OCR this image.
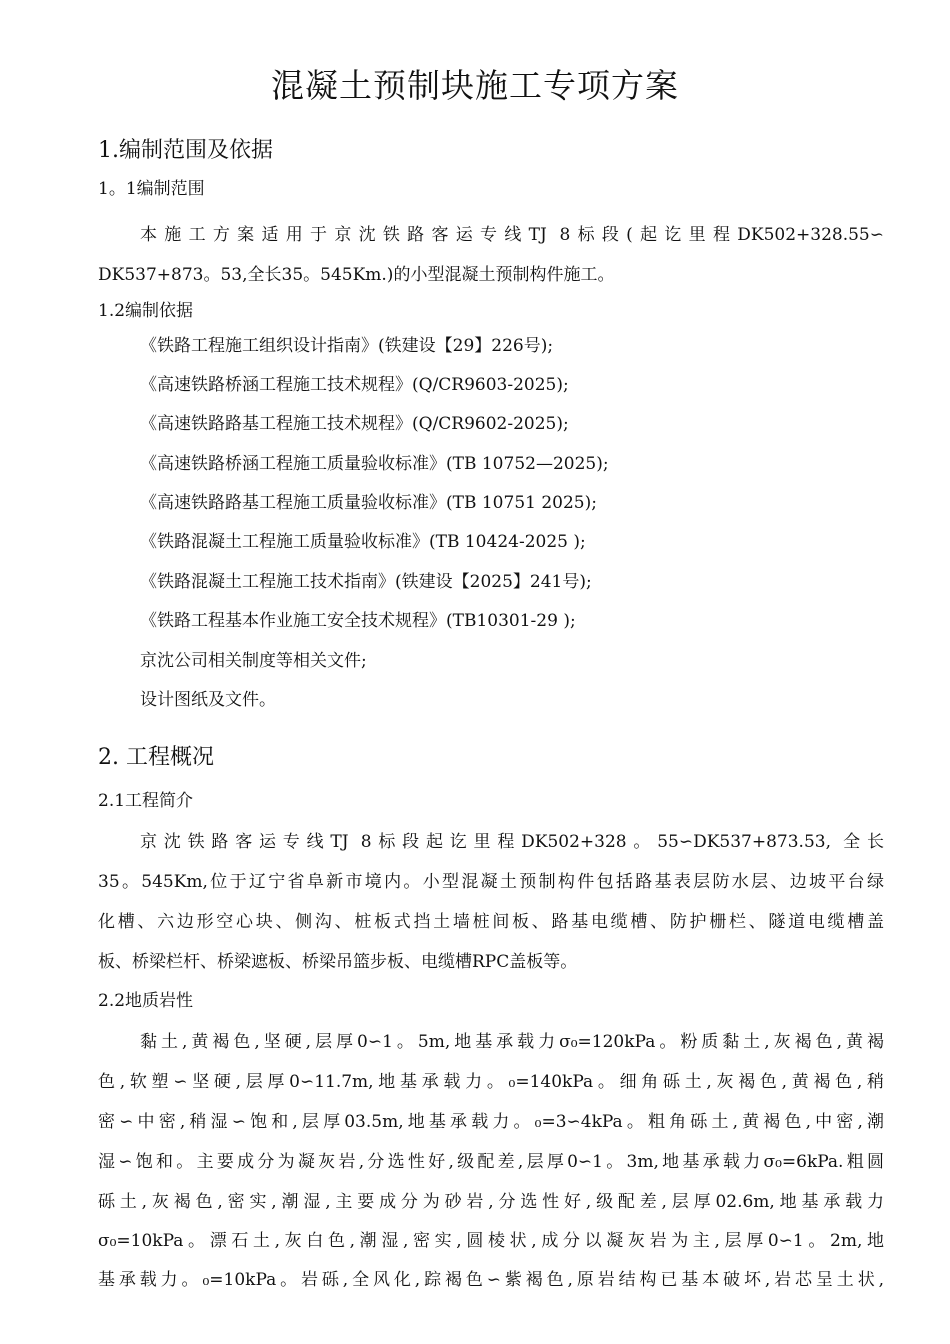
混凝土预制块施工专项方案
1.编制范围及依据
1。1编制范围
本施工方案适用于京沈铁路客运专线TJ 8标段(起讫里程DK502+328.55∽
DK537+873。53,全长35。545Km.)的小型混凝土预制构件施工。
1.2编制依据
《铁路工程施工组织设计指南》(铁建设【29】226号);
《高速铁路桥涵工程施工技术规程》(Q/CR9603-2025);
《高速铁路路基工程施工技术规程》(Q/CR9602-2025);
《高速铁路桥涵工程施工质量验收标准》(TB 10752—2025);
《高速铁路路基工程施工质量验收标准》(TB 10751 2025);
《铁路混凝土工程施工质量验收标准》(TB 10424-2025 );
《铁路混凝土工程施工技术指南》(铁建设【2025】241号);
《铁路工程基本作业施工安全技术规程》(TB10301-29 );
京沈公司相关制度等相关文件;
设计图纸及文件。
2. 工程概况
2.1工程简介
京沈铁路客运专线TJ 8标段起讫里程DK502+328。55∽DK537+873.53, 全长
35。545Km,位于辽宁省阜新市境内。小型混凝土预制构件包括路基表层防水层、边坡平台绿
化槽、六边形空心块、侧沟、桩板式挡土墙桩间板、路基电缆槽、防护栅栏、隧道电缆槽盖
板、桥梁栏杆、桥梁遮板、桥梁吊篮步板、电缆槽RPC盖板等。
2.2地质岩性
黏土,黄褐色,坚硬,层厚0∽1。5m,地基承载力σ₀=120kPa。粉质黏土,灰褐色,黄褐
色,软塑∽坚硬,层厚0∽11.7m,地基承载力。₀=140kPa。细角砾土,灰褐色,黄褐色,稍
密∽中密,稍湿∽饱和,层厚03.5m,地基承载力。₀=3∽4kPa。粗角砾土,黄褐色,中密,潮
湿∽饱和。主要成分为凝灰岩,分选性好,级配差,层厚0∽1。3m,地基承载力σ₀=6kPa.粗圆
砾土,灰褐色,密实,潮湿,主要成分为砂岩,分选性好,级配差,层厚02.6m,地基承载力
σ₀=10kPa。漂石土,灰白色,潮湿,密实,圆棱状,成分以凝灰岩为主,层厚0∽1。2m,地
基承载力。₀=10kPa。岩砾,全风化,踪褐色∽紫褐色,原岩结构已基本破坏,岩芯呈土状,
